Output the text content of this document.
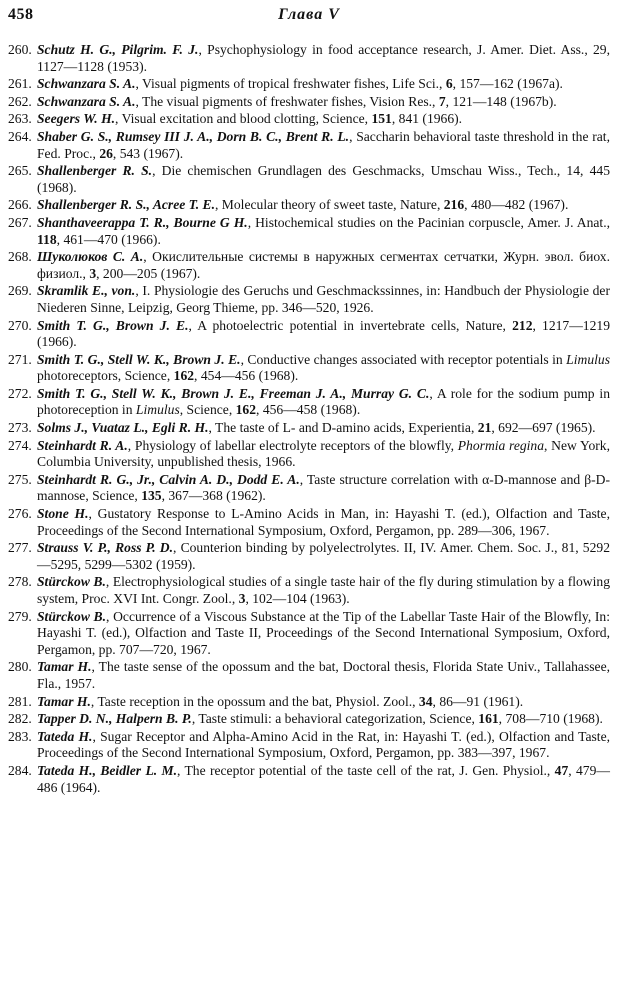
458	Глава V
260. Schutz H. G., Pilgrim. F. J., Psychophysiology in food acceptance research, J. Amer. Diet. Ass., 29, 1127—1128 (1953).
261. Schwanzara S. A., Visual pigments of tropical freshwater fishes, Life Sci., 6, 157—162 (1967a).
262. Schwanzara S. A., The visual pigments of freshwater fishes, Vision Res., 7, 121—148 (1967b).
263. Seegers W. H., Visual excitation and blood clotting, Science, 151, 841 (1966).
264. Shaber G. S., Rumsey III J. A., Dorn B. C., Brent R. L., Saccharin behavioral taste threshold in the rat, Fed. Proc., 26, 543 (1967).
265. Shallenberger R. S., Die chemischen Grundlagen des Geschmacks, Umschau Wiss., Tech., 14, 445 (1968).
266. Shallenberger R. S., Acree T. E., Molecular theory of sweet taste, Nature, 216, 480—482 (1967).
267. Shanthaveerappa T. R., Bourne G H., Histochemical studies on the Pacinian corpuscle, Amer. J. Anat., 118, 461—470 (1966).
268. Шуколюков С. А., Окислительные системы в наружных сегментах сетчатки, Журн. эвол. биох. физиол., 3, 200—205 (1967).
269. Skramlik E., von., I. Physiologie des Geruchs und Geschmackssinnes, in: Handbuch der Physiologie der Niederen Sinne, Leipzig, Georg Thieme, pp. 346—520, 1926.
270. Smith T. G., Brown J. E., A photoelectric potential in invertebrate cells, Nature, 212, 1217—1219 (1966).
271. Smith T. G., Stell W. K., Brown J. E., Conductive changes associated with receptor potentials in Limulus photoreceptors, Science, 162, 454—456 (1968).
272. Smith T. G., Stell W. K., Brown J. E., Freeman J. A., Murray G. C., A role for the sodium pump in photoreception in Limulus, Science, 162, 456—458 (1968).
273. Solms J., Vuataz L., Egli R. H., The taste of L- and D-amino acids, Experientia, 21, 692—697 (1965).
274. Steinhardt R. A., Physiology of labellar electrolyte receptors of the blowfly, Phormia regina, New York, Columbia University, unpublished thesis, 1966.
275. Steinhardt R. G., Jr., Calvin A. D., Dodd E. A., Taste structure correlation with α-D-mannose and β-D-mannose, Science, 135, 367—368 (1962).
276. Stone H., Gustatory Response to L-Amino Acids in Man, in: Hayashi T. (ed.), Olfaction and Taste, Proceedings of the Second International Symposium, Oxford, Pergamon, pp. 289—306, 1967.
277. Strauss V. P., Ross P. D., Counterion binding by polyelectrolytes. II, IV. Amer. Chem. Soc. J., 81, 5292—5295, 5299—5302 (1959).
278. Stürckow B., Electrophysiological studies of a single taste hair of the fly during stimulation by a flowing system, Proc. XVI Int. Congr. Zool., 3, 102—104 (1963).
279. Stürckow B., Occurrence of a Viscous Substance at the Tip of the Labellar Taste Hair of the Blowfly, In: Hayashi T. (ed.), Olfaction and Taste II, Proceedings of the Second International Symposium, Oxford, Pergamon, pp. 707—720, 1967.
280. Tamar H., The taste sense of the opossum and the bat, Doctoral thesis, Florida State Univ., Tallahassee, Fla., 1957.
281. Tamar H., Taste reception in the opossum and the bat, Physiol. Zool., 34, 86—91 (1961).
282. Tapper D. N., Halpern B. P., Taste stimuli: a behavioral categorization, Science, 161, 708—710 (1968).
283. Tateda H., Sugar Receptor and Alpha-Amino Acid in the Rat, in: Hayashi T. (ed.), Olfaction and Taste, Proceedings of the Second International Symposium, Oxford, Pergamon, pp. 383—397, 1967.
284. Tateda H., Beidler L. M., The receptor potential of the taste cell of the rat, J. Gen. Physiol., 47, 479—486 (1964).
